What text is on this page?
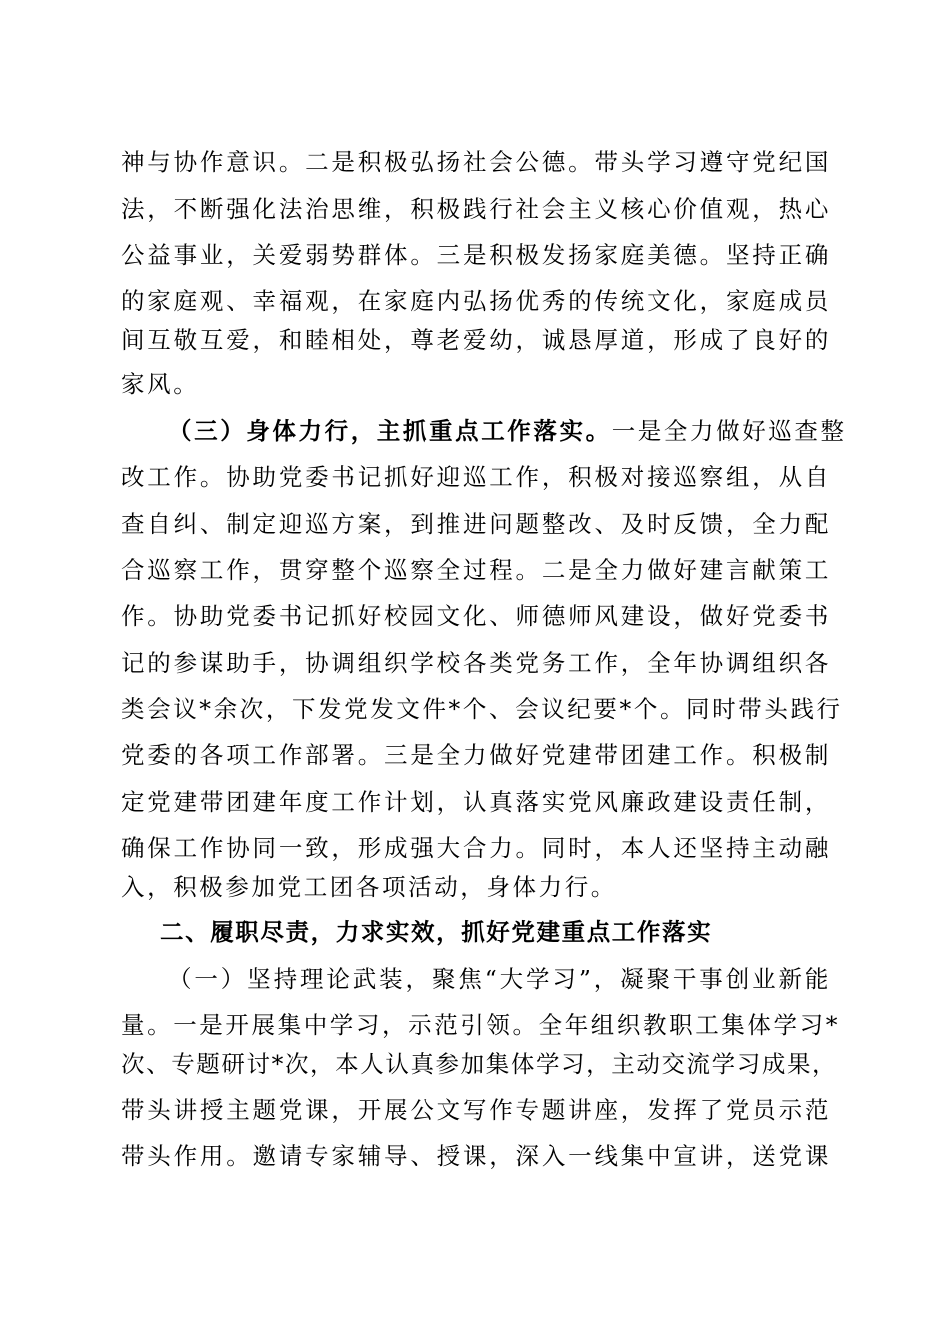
神与协作意识。二是积极弘扬社会公德。带头学习遵守党纪国
法，不断强化法治思维，积极践行社会主义核心价值观，热心
公益事业，关爱弱势群体。三是积极发扬家庭美德。坚持正确
的家庭观、幸福观，在家庭内弘扬优秀的传统文化，家庭成员
间互敬互爱，和睦相处，尊老爱幼，诚恳厚道，形成了良好的
家风。
（三）身体力行，主抓重点工作落实。一是全力做好巡查整
改工作。协助党委书记抓好迎巡工作，积极对接巡察组，从自
查自纠、制定迎巡方案，到推进问题整改、及时反馈，全力配
合巡察工作，贯穿整个巡察全过程。二是全力做好建言献策工
作。协助党委书记抓好校园文化、师德师风建设，做好党委书
记的参谋助手，协调组织学校各类党务工作，全年协调组织各
类会议*余次，下发党发文件*个、会议纪要*个。同时带头践行
党委的各项工作部署。三是全力做好党建带团建工作。积极制
定党建带团建年度工作计划，认真落实党风廉政建设责任制，
确保工作协同一致，形成强大合力。同时，本人还坚持主动融
入，积极参加党工团各项活动，身体力行。
二、履职尽责，力求实效，抓好党建重点工作落实
（一）坚持理论武装，聚焦“大学习”，凝聚干事创业新能
量。一是开展集中学习，示范引领。全年组织教职工集体学习*
次、专题研讨*次，本人认真参加集体学习，主动交流学习成果，
带头讲授主题党课，开展公文写作专题讲座，发挥了党员示范
带头作用。邀请专家辅导、授课，深入一线集中宣讲，送党课
